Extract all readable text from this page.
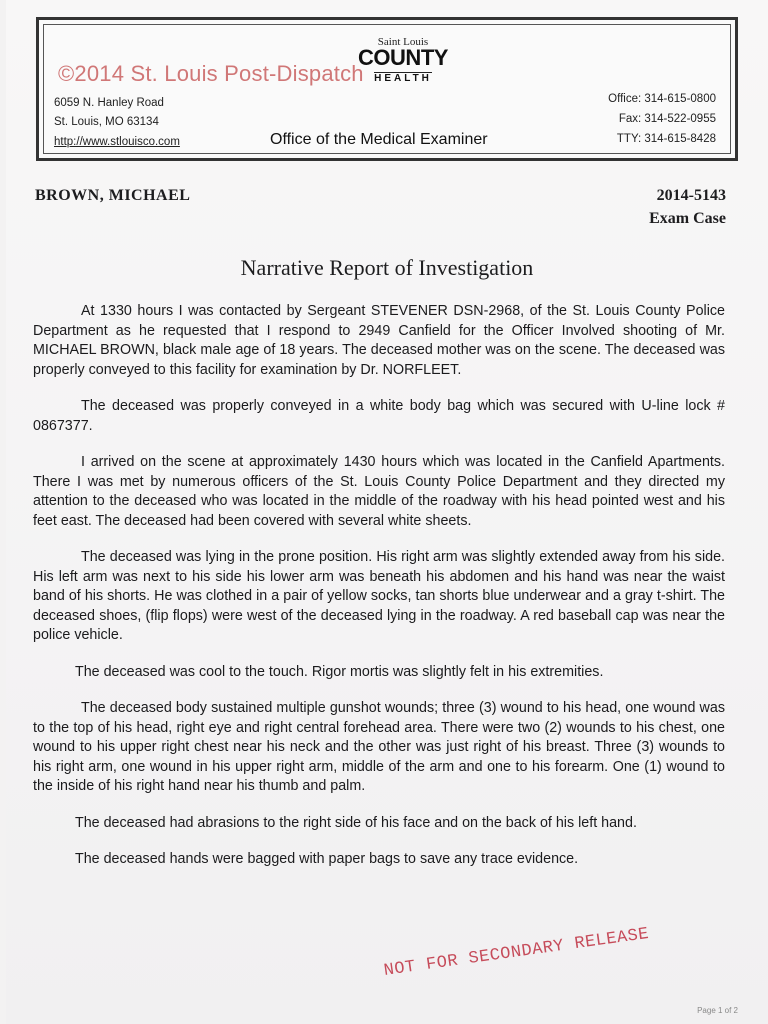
©2014 St. Louis Post-Dispatch
Saint Louis
COUNTY
HEALTH
6059 N. Hanley Road
St. Louis, MO 63134
http://www.stlouisco.com	Office of the Medical Examiner
Office: 314-615-0800
Fax: 314-522-0955
TTY: 314-615-8428
BROWN, MICHAEL	2014-5143
Exam Case
Narrative Report of Investigation

At 1330 hours I was contacted by Sergeant STEVENER DSN-2968, of the St. Louis County Police Department as he requested that I respond to 2949 Canfield for the Officer Involved shooting of Mr. MICHAEL BROWN, black male age of 18 years. The deceased mother was on the scene. The deceased was properly conveyed to this facility for examination by Dr. NORFLEET.

The deceased was properly conveyed in a white body bag which was secured with U-line lock # 0867377.

I arrived on the scene at approximately 1430 hours which was located in the Canfield Apartments. There I was met by numerous officers of the St. Louis County Police Department and they directed my attention to the deceased who was located in the middle of the roadway with his head pointed west and his feet east. The deceased had been covered with several white sheets.

The deceased was lying in the prone position. His right arm was slightly extended away from his side. His left arm was next to his side his lower arm was beneath his abdomen and his hand was near the waist band of his shorts. He was clothed in a pair of yellow socks, tan shorts blue underwear and a gray t-shirt. The deceased shoes, (flip flops) were west of the deceased lying in the roadway. A red baseball cap was near the police vehicle.

The deceased was cool to the touch. Rigor mortis was slightly felt in his extremities.

The deceased body sustained multiple gunshot wounds; three (3) wound to his head, one wound was to the top of his head, right eye and right central forehead area. There were two (2) wounds to his chest, one wound to his upper right chest near his neck and the other was just right of his breast. Three (3) wounds to his right arm, one wound in his upper right arm, middle of the arm and one to his forearm. One (1) wound to the inside of his right hand near his thumb and palm.

The deceased had abrasions to the right side of his face and on the back of his left hand.

The deceased hands were bagged with paper bags to save any trace evidence.

NOT FOR SECONDARY RELEASE
Page 1 of 2
